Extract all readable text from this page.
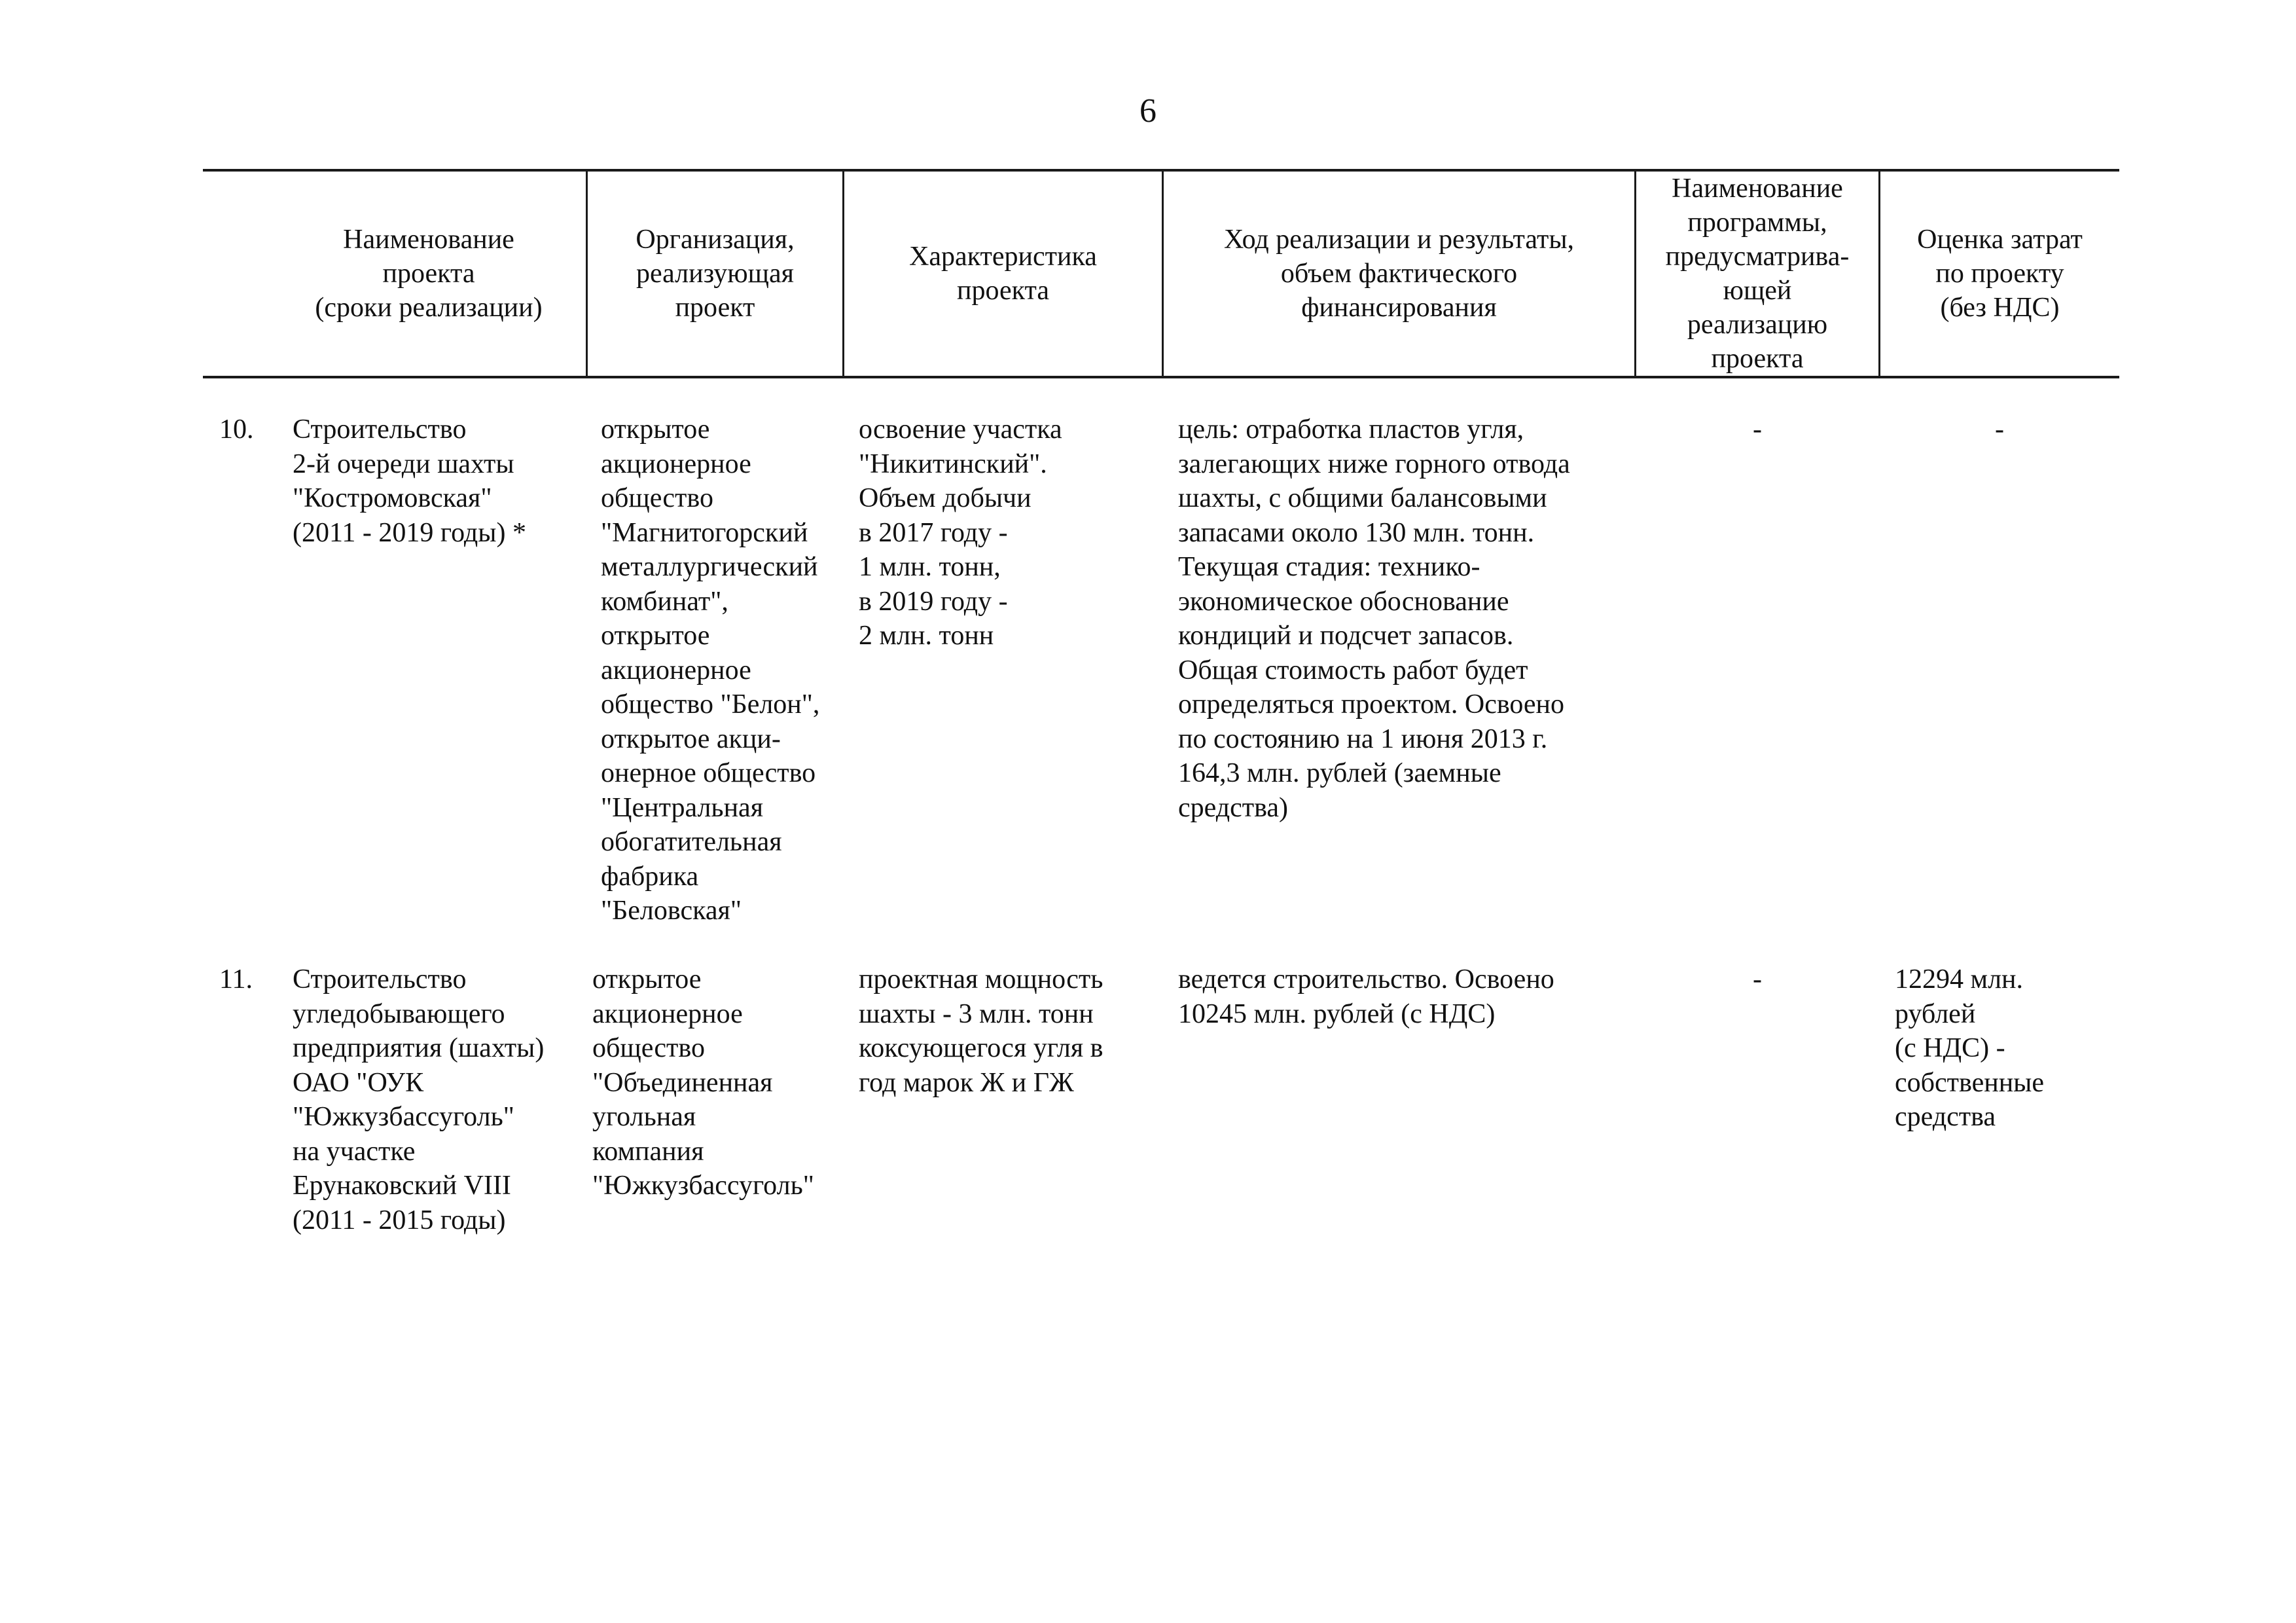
6
Наименование
проекта
(сроки реализации)
Организация,
реализующая
проект
Характеристика
проекта
Ход реализации и результаты,
объем фактического
финансирования
Наименование
программы,
предусматрива-
ющей
реализацию
проекта
Оценка затрат
по проекту
(без НДС)
10. Строительство
2-й очереди шахты
"Костромовская"
(2011 - 2019 годы) *
открытое
акционерное
общество
"Магнитогорский
металлургический
комбинат",
открытое
акционерное
общество "Белон",
открытое акци-
онерное общество
"Центральная
обогатительная
фабрика
"Беловская"
освоение участка
"Никитинский".
Объем добычи
в 2017 году -
1 млн. тонн,
в 2019 году -
2 млн. тонн
цель: отработка пластов угля,
залегающих ниже горного отвода
шахты, с общими балансовыми
запасами около 130 млн. тонн.
Текущая стадия: технико-
экономическое обоснование
кондиций и подсчет запасов.
Общая стоимость работ будет
определяться проектом. Освоено
по состоянию на 1 июня 2013 г.
164,3 млн. рублей (заемные
средства)
-	-
11. Строительство
угледобывающего
предприятия (шахты)
ОАО "ОУК
"Южкузбассуголь"
на участке
Ерунаковский VIII
(2011 - 2015 годы)
открытое
акционерное
общество
"Объединенная
угольная
компания
"Южкузбассуголь"
проектная мощность
шахты - 3 млн. тонн
коксующегося угля в
год марок Ж и ГЖ
ведется строительство. Освоено
10245 млн. рублей (с НДС)
-	12294 млн.
рублей
(с НДС) -
собственные
средства
